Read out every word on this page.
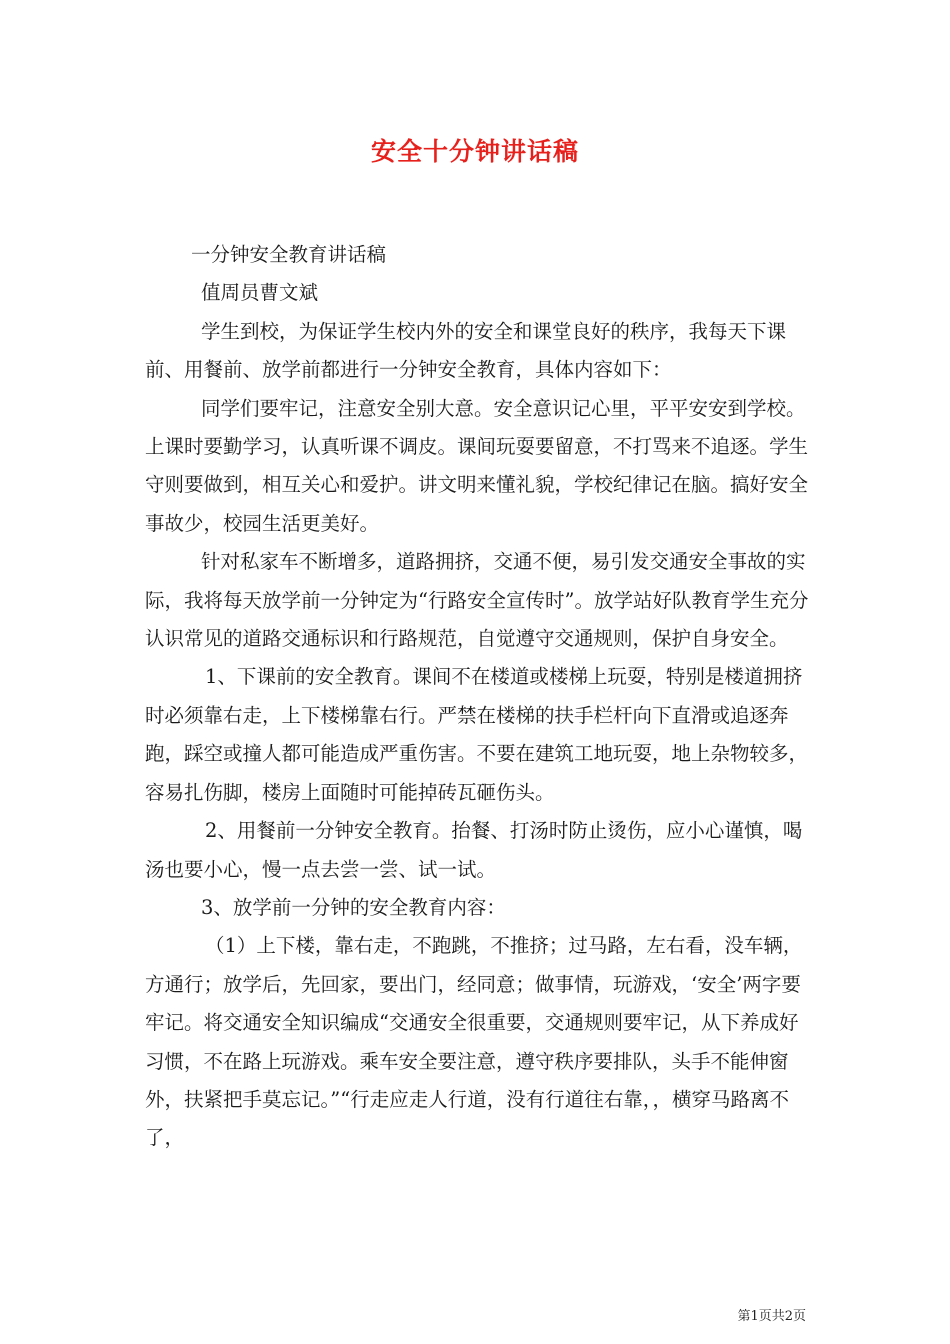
安全十分钟讲话稿

一分钟安全教育讲话稿

值周员曹文斌

学生到校，为保证学生校内外的安全和课堂良好的秩序，我每天下课前、用餐前、放学前都进行一分钟安全教育，具体内容如下：

同学们要牢记，注意安全别大意。安全意识记心里，平平安安到学校。上课时要勤学习，认真听课不调皮。课间玩耍要留意，不打骂来不追逐。学生守则要做到，相互关心和爱护。讲文明来懂礼貌，学校纪律记在脑。搞好安全事故少，校园生活更美好。

针对私家车不断增多，道路拥挤，交通不便，易引发交通安全事故的实际，我将每天放学前一分钟定为“行路安全宣传时”。放学站好队教育学生充分认识常见的道路交通标识和行路规范，自觉遵守交通规则，保护自身安全。

1、下课前的安全教育。课间不在楼道或楼梯上玩耍，特别是楼道拥挤时必须靠右走，上下楼梯靠右行。严禁在楼梯的扶手栏杆向下直滑或追逐奔跑，踩空或撞人都可能造成严重伤害。不要在建筑工地玩耍，地上杂物较多，容易扎伤脚，楼房上面随时可能掉砖瓦砸伤头。

2、用餐前一分钟安全教育。抬餐、打汤时防止烫伤，应小心谨慎，喝汤也要小心，慢一点去尝一尝、试一试。

3、放学前一分钟的安全教育内容：

（1）上下楼，靠右走，不跑跳，不推挤；过马路，左右看，没车辆，方通行；放学后，先回家，要出门，经同意；做事情，玩游戏，‘安全’两字要牢记。将交通安全知识编成“交通安全很重要，交通规则要牢记，从下养成好习惯，不在路上玩游戏。乘车安全要注意，遵守秩序要排队，头手不能伸窗外，扶紧把手莫忘记。”“行走应走人行道，没有行道往右靠，，横穿马路离不了，

第1页共2页
